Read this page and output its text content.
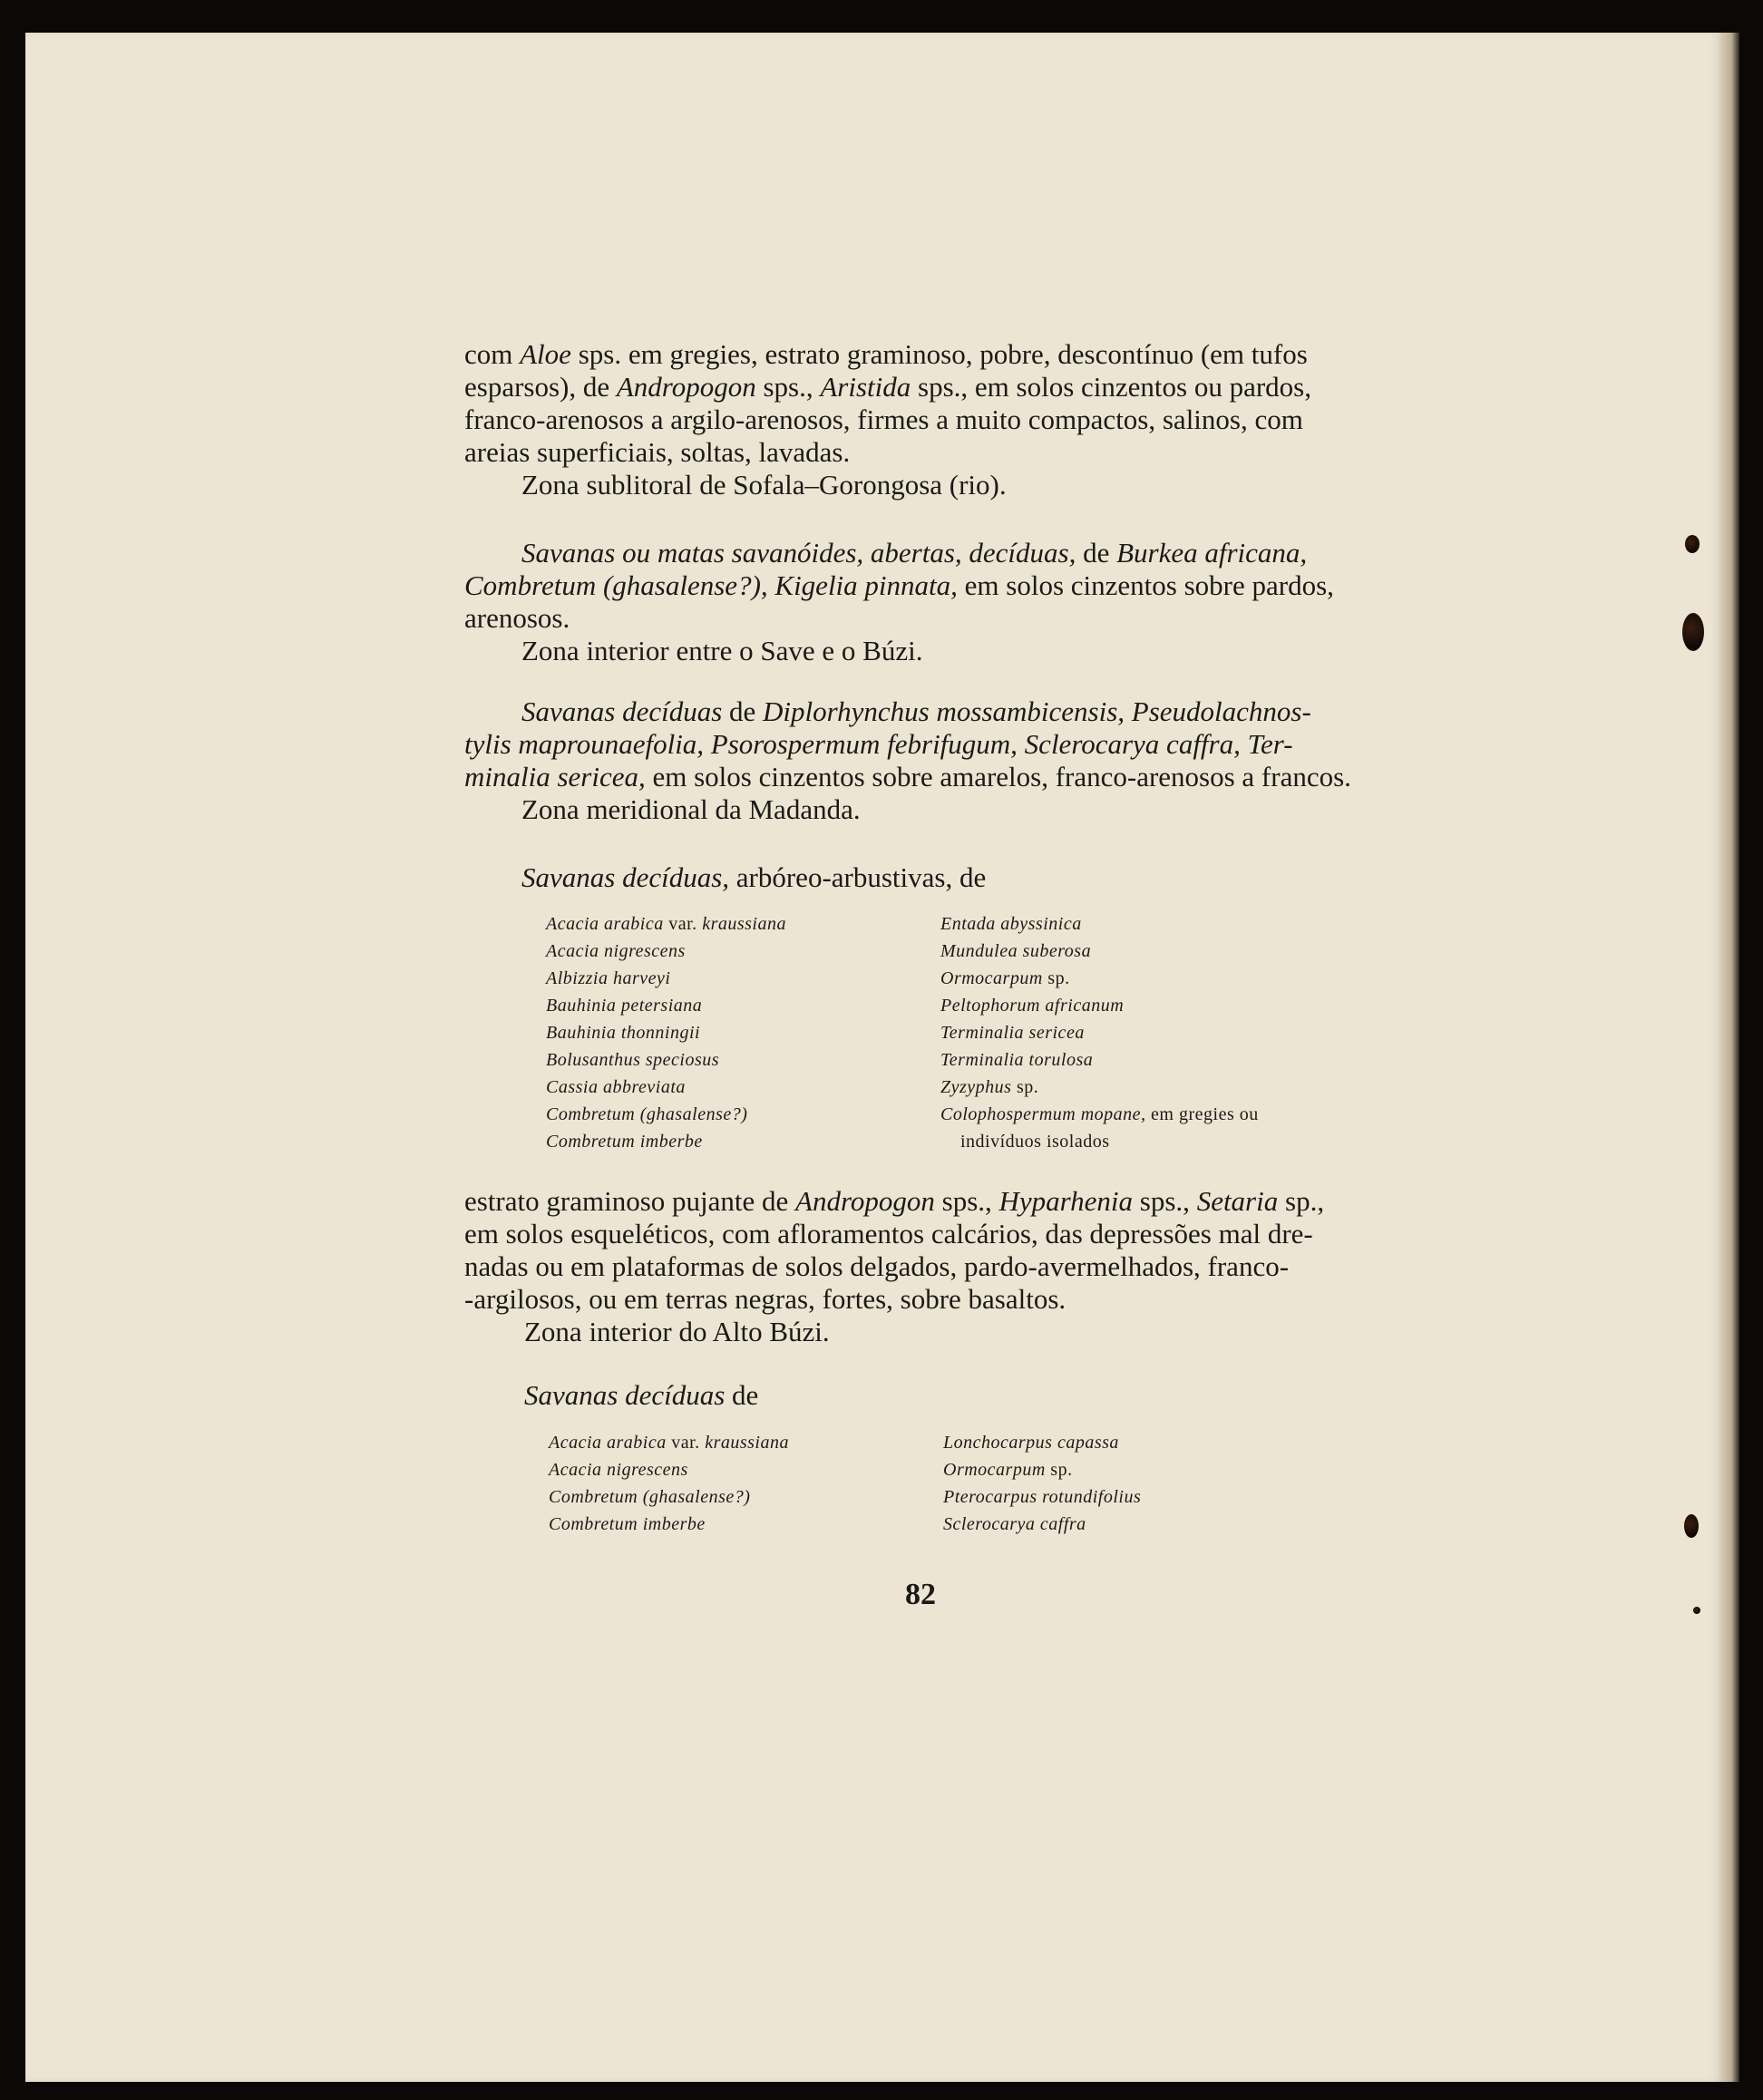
com Aloe sps. em gregies, estrato graminoso, pobre, descontínuo (em tufos

esparsos), de Andropogon sps., Aristida sps., em solos cinzentos ou pardos,

franco-arenosos a argilo-arenosos, firmes a muito compactos, salinos, com

areias superficiais, soltas, lavadas.

Zona sublitoral de Sofala–Gorongosa (rio).

Savanas ou matas savanóides, abertas, decíduas, de Burkea africana,

Combretum (ghasalense?), Kigelia pinnata, em solos cinzentos sobre pardos,

arenosos.

Zona interior entre o Save e o Búzi.

Savanas decíduas de Diplorhynchus mossambicensis, Pseudolachnos-

tylis maprounaefolia, Psorospermum febrifugum, Sclerocarya caffra, Ter-

minalia sericea, em solos cinzentos sobre amarelos, franco-arenosos a francos.

Zona meridional da Madanda.

Savanas decíduas, arbóreo-arbustivas, de

Acacia arabica var. kraussiana
Acacia nigrescens
Albizzia harveyi
Bauhinia petersiana
Bauhinia thonningii
Bolusanthus speciosus
Cassia abbreviata
Combretum (ghasalense?)
Combretum imberbe
Entada abyssinica
Mundulea suberosa
Ormocarpum sp.
Peltophorum africanum
Terminalia sericea
Terminalia torulosa
Zyzyphus sp.
Colophospermum mopane, em gregies ou
indivíduos isolados

estrato graminoso pujante de Andropogon sps., Hyparhenia sps., Setaria sp.,

em solos esqueléticos, com afloramentos calcários, das depressões mal dre-

nadas ou em plataformas de solos delgados, pardo-avermelhados, franco-

-argilosos, ou em terras negras, fortes, sobre basaltos.

Zona interior do Alto Búzi.

Savanas decíduas de

Acacia arabica var. kraussiana
Acacia nigrescens
Combretum (ghasalense?)
Combretum imberbe
Lonchocarpus capassa
Ormocarpum sp.
Pterocarpus rotundifolius
Sclerocarya caffra
82
